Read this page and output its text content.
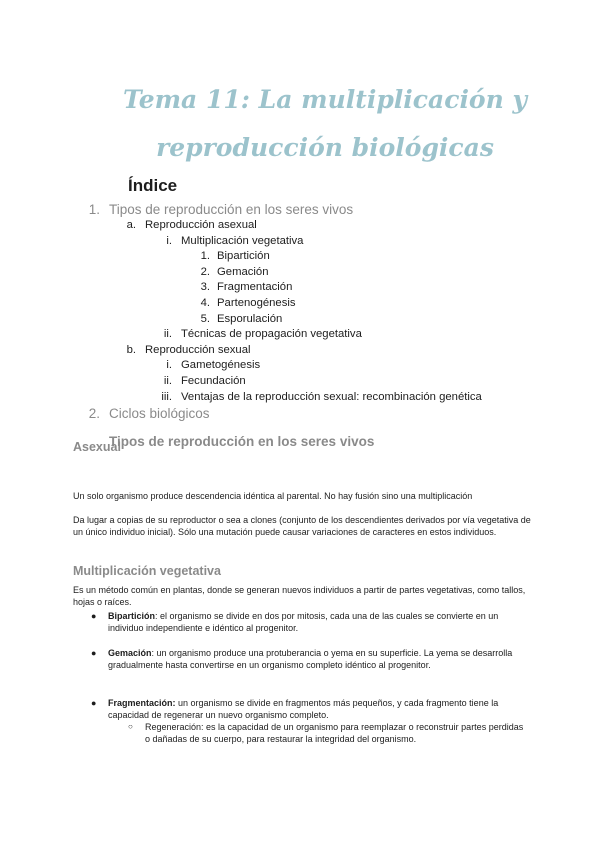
Tema 11: La multiplicación y reproducción biológicas
Índice
1. Tipos de reproducción en los seres vivos
a. Reproducción asexual
i. Multiplicación vegetativa
1. Bipartición
2. Gemación
3. Fragmentación
4. Partenogénesis
5. Esporulación
ii. Técnicas de propagación vegetativa
b. Reproducción sexual
i. Gametogénesis
ii. Fecundación
iii. Ventajas de la reproducción sexual: recombinación genética
2. Ciclos biológicos
Tipos de reproducción en los seres vivos
Asexual

Un solo organismo produce descendencia idéntica al parental. No hay fusión sino una multiplicación

Da lugar a copias de su reproductor o sea a clones (conjunto de los descendientes derivados por vía vegetativa de un único individuo inicial). Sólo una mutación puede causar variaciones de caracteres en estos individuos.

Multiplicación vegetativa

Es un método común en plantas, donde se generan nuevos individuos a partir de partes vegetativas, como tallos, hojas o raíces.

● Bipartición: el organismo se divide en dos por mitosis, cada una de las cuales se convierte en un individuo independiente e idéntico al progenitor.
● Gemación: un organismo produce una protuberancia o yema en su superficie. La yema se desarrolla gradualmente hasta convertirse en un organismo completo idéntico al progenitor.
● Fragmentación: un organismo se divide en fragmentos más pequeños, y cada fragmento tiene la capacidad de regenerar un nuevo organismo completo.
○ Regeneración: es la capacidad de un organismo para reemplazar o reconstruir partes perdidas o dañadas de su cuerpo, para restaurar la integridad del organismo.
